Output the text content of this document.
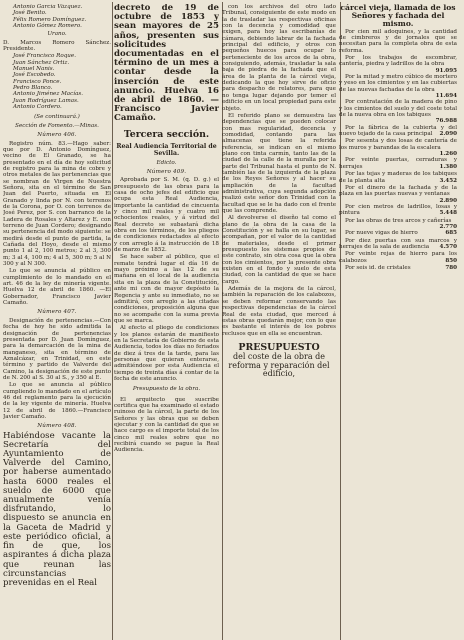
Antonio García Vázquez.
José Benito.
Félix Romero Domínguez.
Antonio Gómez Romero.
Urano.

D. Marcos Romero Sánchez. Presidente.

José Francisco Roque.
Juan Sánchez Ortiz.
Manuel Nanis.
José Escobedo.
Francisco Ponce.
Pedro Blanco.
Antonio Jiménez Macías.
Juan Rodríguez Lamas.
Antonio Cordero.
(Se continuará.)
Sección de Fomento.—Minas.
Número 406.

Registro núm. 83.—Hago saber: que por D. Antonio Domínguez, vecino de El Granado, se ha presentado en el día de hoy solicitud de registro para la mina de cobre y otros metales de las pertenencias que se nombran de Virgen de Nuestra Señora, sita en el término de San Juan del Puerto, situada en El Granado y linda por N. con terrenos de la Corona, por O. con terrenos de José Perez, por S. con barranco de la Ladera de Rosales y Altarez y E. con terreno de Juan Cordero; designando su pertenencia del modo siguiente: se medirá desde el punto de partida, la Cañada del Hoyo, desde el mismo punto 1 al 2, 100 metros; 2 al 3, 300 m; 3 al 4, 100 m; 4 al 5, 300 m; 5 al N 300 y al N 300.

Lo que se anuncia al público en cumplimiento de lo mandado en el art. 46 de la ley de minería vigente. Huelva 12 de abril de 1860. —El Gobernador, Francisco Javier Camaño.

Número 407.

Designación de pertenencias.—Con fecha de hoy he sido admitida la designación de pertenencias presentada por D. Juan Domínguez, para la demarcación de la mina de manganeso, sita en término de Aznalcázar, en Trinidad, en este término y partido de Valverde del Camino, la designación de este punto de N. 200 al S. 30 al S., y 350 al E.

Lo que se anuncia al público cumpliendo lo mandado en el artículo 46 del reglamento para la ejecución de la ley vigente de minería. Huelva 12 de abril de 1860.—Francisco Javier Camaño.

Número 408.
Habiéndose vacante la Secretaría del Ayuntamiento de Valverde del Camino, por haberse aumentado hasta 6000 reales el sueldo de 6000 que anualmente venía disfrutando, lo dispuesto se anuncia en la Gaceta de Madrid y este periódico oficial, a fin de que, los aspirantes á dicha plaza que reunan las circunstancias prevenidas en el Real
decreto de 19 de octubre de 1853 y sean mayores de 25 años, presenten sus solicitudes documentadas en el término de un mes a contar desde la inserción de este anuncio. Huelva 16 de abril de 1860. —Francisco Javier Camaño.
Tercera sección.
Real Audiencia Territorial de Sevilla.
Edicto.
Número 409.

Aprobada por S. M. (q. D. g.) el presupuesto de las obras para la casa de ocho jefes del edificio que ocupa esta Real Audiencia, importante la cantidad de cincuenta y cinco mil reales y cuatro mil ochocientos reales, y á virtud del Real decreto se subastará dicha obra en los términos, de los pliegos de condiciones redactados al efecto y con arreglo á la instrucción de 18 de marzo de 1852.

Se hace saber al público, que el remate tendrá lugar el día 16 de mayo próximo a las 12 de su mañana en el local de la audiencia sita en la plaza de la Constitución, ante mi con de mayor depósito la Regencia y ante su inmediato, no se admitirá, con arreglo a las citadas condiciones, proposición alguna que no se acompañe con la suma previa que se marca.

Al efecto el pliego de condiciones y los planos estarán de manifiesto en la Secretaría de Gobierno de esta Audiencia, todos los días no feriados de diez á tres de la tarde, para las personas que quieran enterarse, admitiéndose por esta Audiencia el tiempo de treinta días á contar de la fecha de este anuncio.

Presupuesto de la obra.

El arquitecto que suscribe certifica que ha examinado el estado ruinoso de la cárcel, la parte de los Señores y las obras que se deben ejecutar y con la cantidad de que se hace cargo es el importe total de los cinco mil reales sobre que no recibirá cuando se pague la Real Audiencia.

con los archivos del otro lado Tribunal, consiguiente de este modo en la de trasladar las respectivas oficinas con la decencia y comodidad que exigen, para hoy las escribanías de cámara, debiendo labrar de la fachada principal del edificio, y otros con pequeños huecos para ocupar lo perteneciente de los arcos de la obra, consiguiendo, además, trasladar la sala baja de piedra de la fachada que el área de la planta de la cárcel vieja, dedicando la que hoy sirve de oficio para despacho de relatores, para que no tenga lugar dejando por temer el edificio en un local propiedad para este objeto.

El referido plano se demuestra las dependencias que se pueden colocar con mas regularidad, decencia y comodidad, contando para las almacenas que tiene la referida referencia, se indican en el mismo plano con tinta carmín, tanto las de la ciudad de la calle de la muralla por la parte del Tribunal hasta el punto de N. también las de la izquierda de la plaza de los Reyes Señores y al hacer su ampliación de la facultad administrativa, cuya segunda adopción realizó este señor don Trinidad con la facultad que se le ha dado con el frente que las comprende.

Al devolverse el diseño tal como el plano de la obra de la casa de la Constitución y se halla en su lugar, se acompañan, por el valor de la cantidad de materiales, desde el primer presupuesto los sistemas propios de este contrato, sin otra cosa que la obra con los cimientos, por la presente obra existen en el fondo y suelo de esta ciudad, con la cantidad de que se hace cargo.

Además de la mejora de la cárcel, también la reparación de los calabozos, se deben reformar conservando las respectivas dependencias de la cárcel Real de esta ciudad, que merced á estas obras quedarán mejor, con lo que es bastante el interés de los pobres reclusos que en ella se encuentran.

PRESUPUESTO
del coste de la obra de reforma y reparación del edificio,
cárcel vieja, llamada de los Señores y fachada del mismo.

Por cien mil adoquines, y la cantidad de cimbreros y de jornales que se necesitan para la completa obra de esta reforma.

Por los trabajos de escombrar, cantería, piedra y ladrillos de la obra
91.095

Por la mitad y metro cúbico de mortero y yeso en los cimientos y en las cubiertas de las nuevas fachadas de la obra
11.694

Por contratación de la madera de pino y los cimientos del suelo y del coste total de la nueva obra en los tabiques
76.988

Por la fábrica de la cubierta y del nuevo tejado de la casa principal	2.090

Por sesenta y dos losas de cantería de los muros y barandas de la escalera
1.260

Por veinte puertas, cerraduras y herrajes	1.380

Por las tejas y maderas de los tabiques de la planta alta	3.452

Por el dinero de la fachada y de la plaza en las puertas nuevas y ventanas
2.890

Por cien metros de ladrillos, losas y pintura	5.448

Por las obras de tres arcos y cañerías
2.770

Por nueve vigas de hierro	685

Por diez puertas con sus marcos y herrajes de la sala de audiencia	4.570

Por veinte rejas de hierro para los calabozos	850

Por seis id. de cristales	780
